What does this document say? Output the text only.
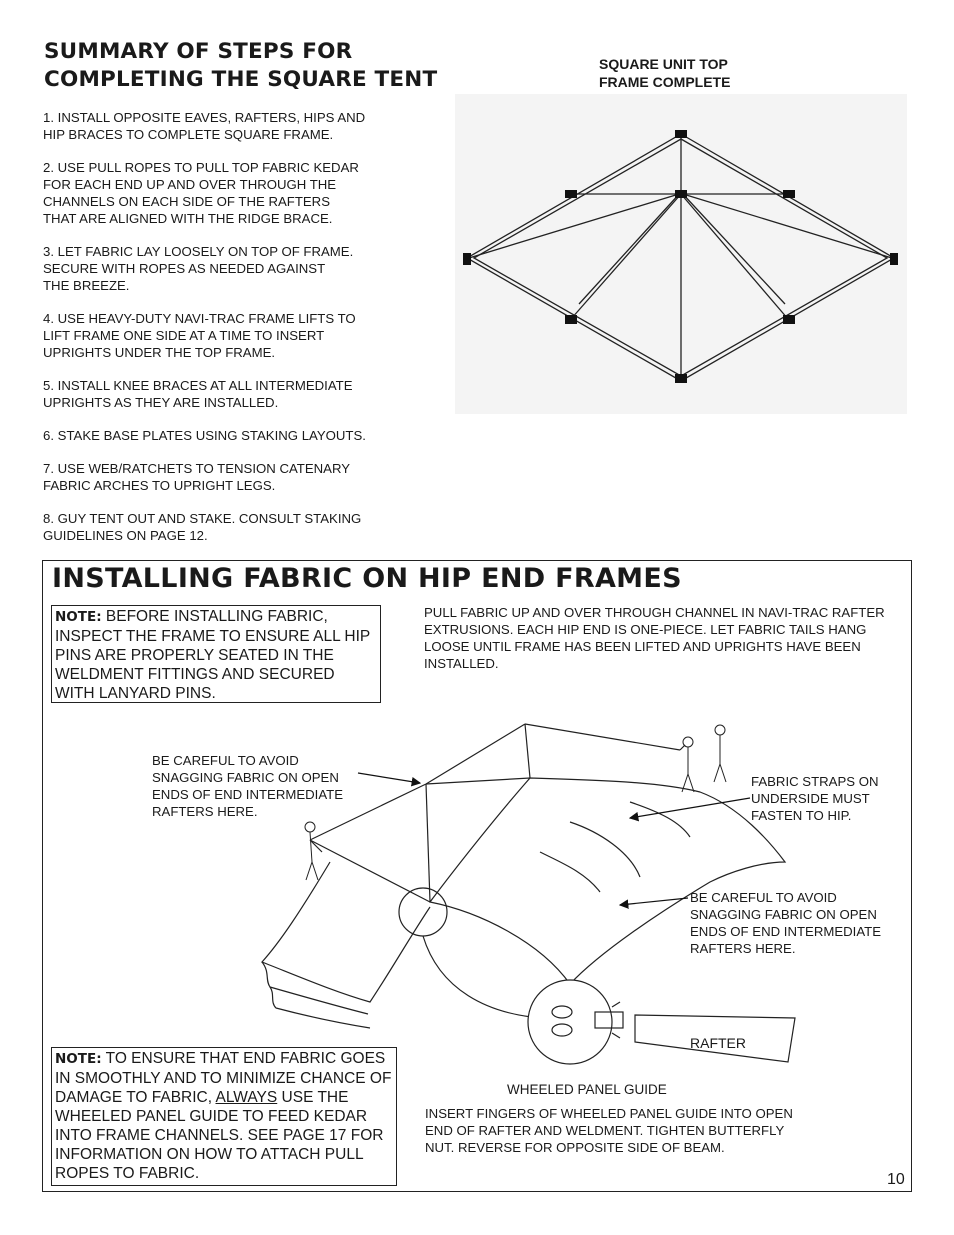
SUMMARY OF STEPS FOR
COMPLETING THE SQUARE TENT
1. INSTALL OPPOSITE EAVES, RAFTERS, HIPS AND
HIP BRACES TO COMPLETE SQUARE FRAME.
2. USE PULL ROPES TO PULL TOP FABRIC KEDAR
FOR EACH END UP AND OVER THROUGH THE
CHANNELS ON EACH SIDE OF THE RAFTERS
THAT ARE ALIGNED WITH THE RIDGE BRACE.
3. LET FABRIC LAY LOOSELY ON TOP OF FRAME.
SECURE WITH ROPES AS NEEDED AGAINST
THE BREEZE.
4. USE HEAVY-DUTY NAVI-TRAC FRAME LIFTS TO
LIFT FRAME ONE SIDE AT A TIME TO INSERT
UPRIGHTS UNDER THE TOP FRAME.
5. INSTALL KNEE BRACES AT ALL INTERMEDIATE
UPRIGHTS AS THEY ARE INSTALLED.
6. STAKE BASE PLATES USING STAKING LAYOUTS.
7. USE WEB/RATCHETS TO TENSION CATENARY
FABRIC ARCHES TO UPRIGHT LEGS.
8. GUY TENT OUT AND STAKE. CONSULT STAKING
GUIDELINES ON PAGE 12.
SQUARE UNIT TOP
FRAME COMPLETE
INSTALLING FABRIC ON HIP END FRAMES
NOTE: BEFORE INSTALLING FABRIC, INSPECT THE FRAME TO ENSURE ALL HIP PINS ARE PROPERLY SEATED IN THE WELDMENT FITTINGS AND SECURED WITH LANYARD PINS.
PULL FABRIC UP AND OVER THROUGH CHANNEL IN NAVI-TRAC RAFTER EXTRUSIONS. EACH HIP END IS ONE-PIECE. LET FABRIC TAILS HANG LOOSE UNTIL FRAME HAS BEEN LIFTED AND UPRIGHTS HAVE BEEN INSTALLED.
BE CAREFUL TO AVOID
SNAGGING FABRIC ON OPEN
ENDS OF END INTERMEDIATE
RAFTERS HERE.
FABRIC STRAPS ON
UNDERSIDE MUST
FASTEN TO HIP.
BE CAREFUL TO AVOID
SNAGGING FABRIC ON OPEN
ENDS OF END INTERMEDIATE
RAFTERS HERE.
RAFTER
WHEELED PANEL GUIDE
INSERT FINGERS OF WHEELED PANEL GUIDE INTO OPEN END OF RAFTER AND WELDMENT. TIGHTEN BUTTERFLY NUT. REVERSE FOR OPPOSITE SIDE OF BEAM.
NOTE: TO ENSURE THAT END FABRIC GOES IN SMOOTHLY AND TO MINIMIZE CHANCE OF DAMAGE TO FABRIC, ALWAYS USE THE WHEELED PANEL GUIDE TO FEED KEDAR INTO FRAME CHANNELS. SEE PAGE 17 FOR INFORMATION ON HOW TO ATTACH PULL ROPES TO FABRIC.	10
